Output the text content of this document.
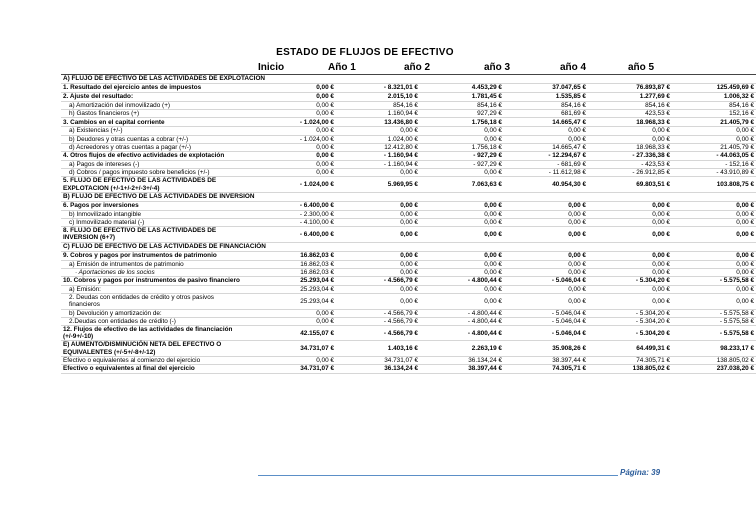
ESTADO DE FLUJOS DE EFECTIVO
Inicio	Año 1	año 2	año 3	año 4	año 5
A) FLUJO DE EFECTIVO DE LAS ACTIVIDADES DE EXPLOTACION						
1. Resultado del ejercicio antes de impuestos	0,00 €	- 8.321,01 €	4.453,29 €	37.047,65 €	76.893,87 €	125.459,69 €
2. Ajuste del resultado:	0,00 €	2.015,10 €	1.781,45 €	1.535,85 €	1.277,69 €	1.006,32 €
a) Amortización del inmovilizado (+)	0,00 €	854,16 €	854,16 €	854,16 €	854,16 €	854,16 €
h) Gastos financieros (+)	0,00 €	1.160,94 €	927,29 €	681,69 €	423,53 €	152,16 €
3. Cambios en el capital corriente	- 1.024,00 €	13.436,80 €	1.756,18 €	14.665,47 €	18.968,33 €	21.405,79 €
a) Existencias (+/-)	0,00 €	0,00 €	0,00 €	0,00 €	0,00 €	0,00 €
b) Deudores y otras cuentas a cobrar (+/-)	- 1.024,00 €	1.024,00 €	0,00 €	0,00 €	0,00 €	0,00 €
d) Acreedores y otras cuentas a pagar (+/-)	0,00 €	12.412,80 €	1.756,18 €	14.665,47 €	18.968,33 €	21.405,79 €
4. Otros flujos de efectivo actividades de explotación	0,00 €	- 1.160,94 €	- 927,29 €	- 12.294,67 €	- 27.336,38 €	- 44.063,05 €
a) Pagos de intereses (-)	0,00 €	- 1.160,94 €	- 927,29 €	- 681,69 €	- 423,53 €	- 152,16 €
d) Cobros / pagos impuesto sobre beneficios (+/-)	0,00 €	0,00 €	0,00 €	- 11.612,98 €	- 26.912,85 €	- 43.910,89 €
5. FLUJO DE EFECTIVO DE LAS ACTIVIDADES DE EXPLOTACION (+/-1+/-2+/-3+/-4)	- 1.024,00 €	5.969,95 €	7.063,63 €	40.954,30 €	69.803,51 €	103.808,75 €
B) FLUJO DE EFECTIVO DE LAS ACTIVIDADES DE INVERSION						
6. Pagos por inversiones	- 6.400,00 €	0,00 €	0,00 €	0,00 €	0,00 €	0,00 €
b) Inmovilizado intangible	- 2.300,00 €	0,00 €	0,00 €	0,00 €	0,00 €	0,00 €
c) Inmovilizado material (-)	- 4.100,00 €	0,00 €	0,00 €	0,00 €	0,00 €	0,00 €
8. FLUJO DE EFECTIVO DE LAS ACTIVIDADES DE INVERSION (6+7)	- 6.400,00 €	0,00 €	0,00 €	0,00 €	0,00 €	0,00 €
C) FLUJO DE EFECTIVO DE LAS ACTIVIDADES DE FINANCIACIÓN						
9. Cobros y pagos por instrumentos de patrimonio	16.862,03 €	0,00 €	0,00 €	0,00 €	0,00 €	0,00 €
a) Emisión de intrumentos de patrimonio	16.862,03 €	0,00 €	0,00 €	0,00 €	0,00 €	0,00 €
· Aportaciones de los socios	16.862,03 €	0,00 €	0,00 €	0,00 €	0,00 €	0,00 €
10. Cobros y pagos por instrumentos de pasivo financiero	25.293,04 €	- 4.566,79 €	- 4.800,44 €	- 5.046,04 €	- 5.304,20 €	- 5.575,58 €
a) Emisión:	25.293,04 €	0,00 €	0,00 €	0,00 €	0,00 €	0,00 €
2. Deudas con entidades de crédito y otros pasivos financieros	25.293,04 €	0,00 €	0,00 €	0,00 €	0,00 €	0,00 €
b) Devolución y amortización de:	0,00 €	- 4.566,79 €	- 4.800,44 €	- 5.046,04 €	- 5.304,20 €	- 5.575,58 €
2.Deudas con entidades de crédito (-)	0,00 €	- 4.566,79 €	- 4.800,44 €	- 5.046,04 €	- 5.304,20 €	- 5.575,58 €
12. Flujos de efectivo de las actividades de financiación (+/-9+/-10)	42.155,07 €	- 4.566,79 €	- 4.800,44 €	- 5.046,04 €	- 5.304,20 €	- 5.575,58 €
E) AUMENTO/DISMINUCIÓN NETA DEL EFECTIVO O EQUIVALENTES (+/-5+/-8+/-12)	34.731,07 €	1.403,16 €	2.263,19 €	35.908,26 €	64.499,31 €	98.233,17 €
Efectivo o equivalentes al comienzo del ejercicio	0,00 €	34.731,07 €	36.134,24 €	38.397,44 €	74.305,71 €	138.805,02 €
Efectivo o equivalentes al final del ejercicio	34.731,07 €	36.134,24 €	38.397,44 €	74.305,71 €	138.805,02 €	237.038,20 €
Página: 39
